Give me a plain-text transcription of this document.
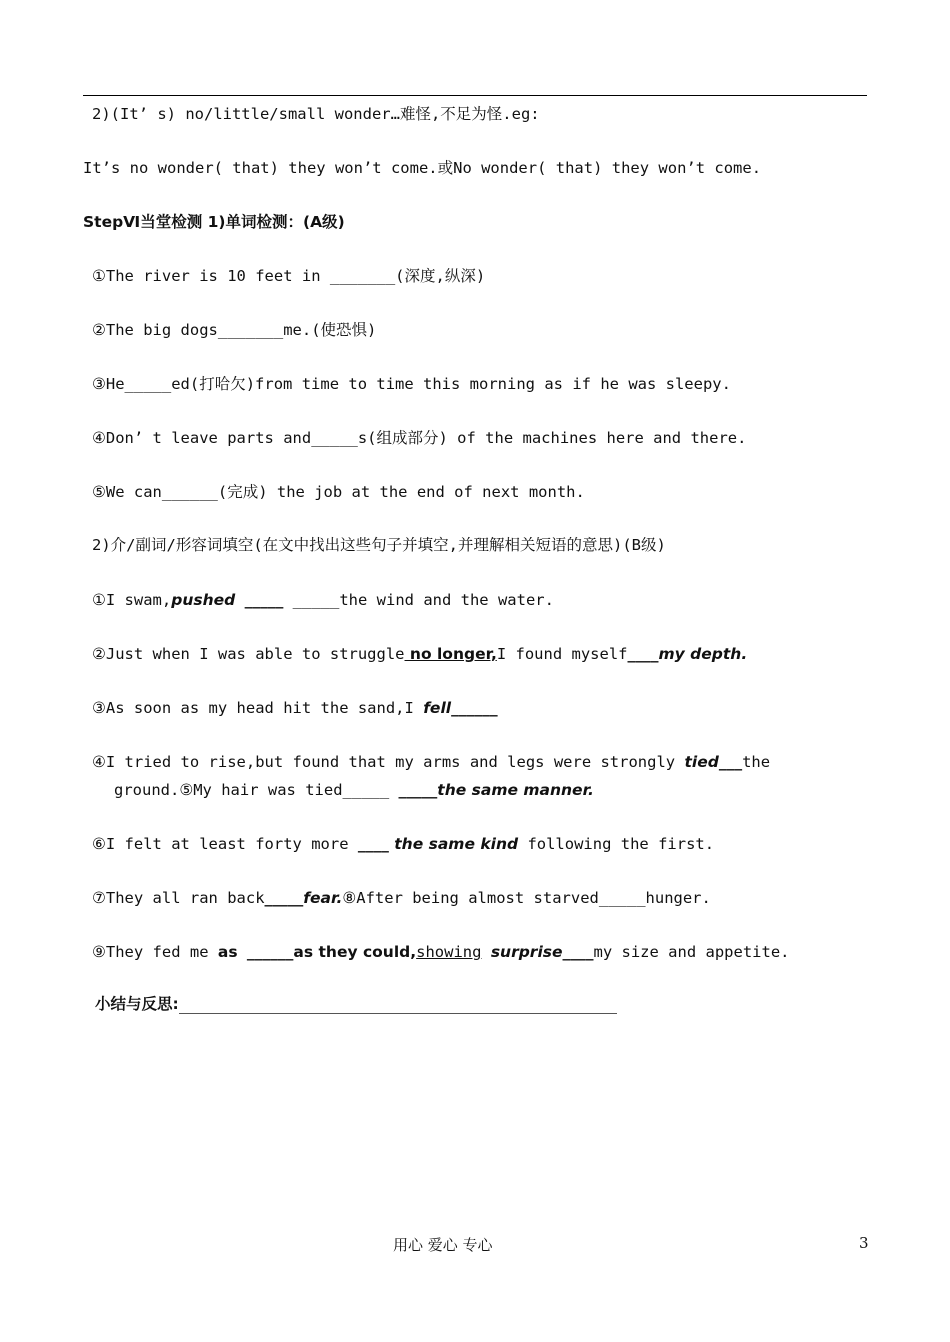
2)(It’ s) no/little/small wonder…难怪,不足为怪.eg:
It’s no wonder( that) they won’t come.或No wonder( that) they won’t come.
StepⅥ当堂检测 1)单词检测：(A级)
①The river is 10 feet in _______(深度,纵深)
②The big dogs_______me.(使恐惧)
③He_____ed(打哈欠)from time to time this morning as if he was sleepy.
④Don’ t leave parts and_____s(组成部分) of the machines here and there.
⑤We can______(完成) the job at the end of next month.
2)介/副词/形容词填空(在文中找出这些句子并填空,并理解相关短语的意思)(B级)
①I swam,pushed _____ _____the wind and the water.
②Just when I was able to struggle no longer,I found myself____my depth.
③As soon as my head hit the sand,I fell______
④I tried to rise,but found that my arms and legs were strongly tied___the
ground.⑤My hair was tied_____ _____the same manner.
⑥I felt at least forty more ____ the same kind following the first.
⑦They all ran back_____fear.⑧After being almost starved_____hunger.
⑨They fed me as ______as they could,showing surprise____my size and appetite.
小结与反思:
用心 爱心 专心	3
